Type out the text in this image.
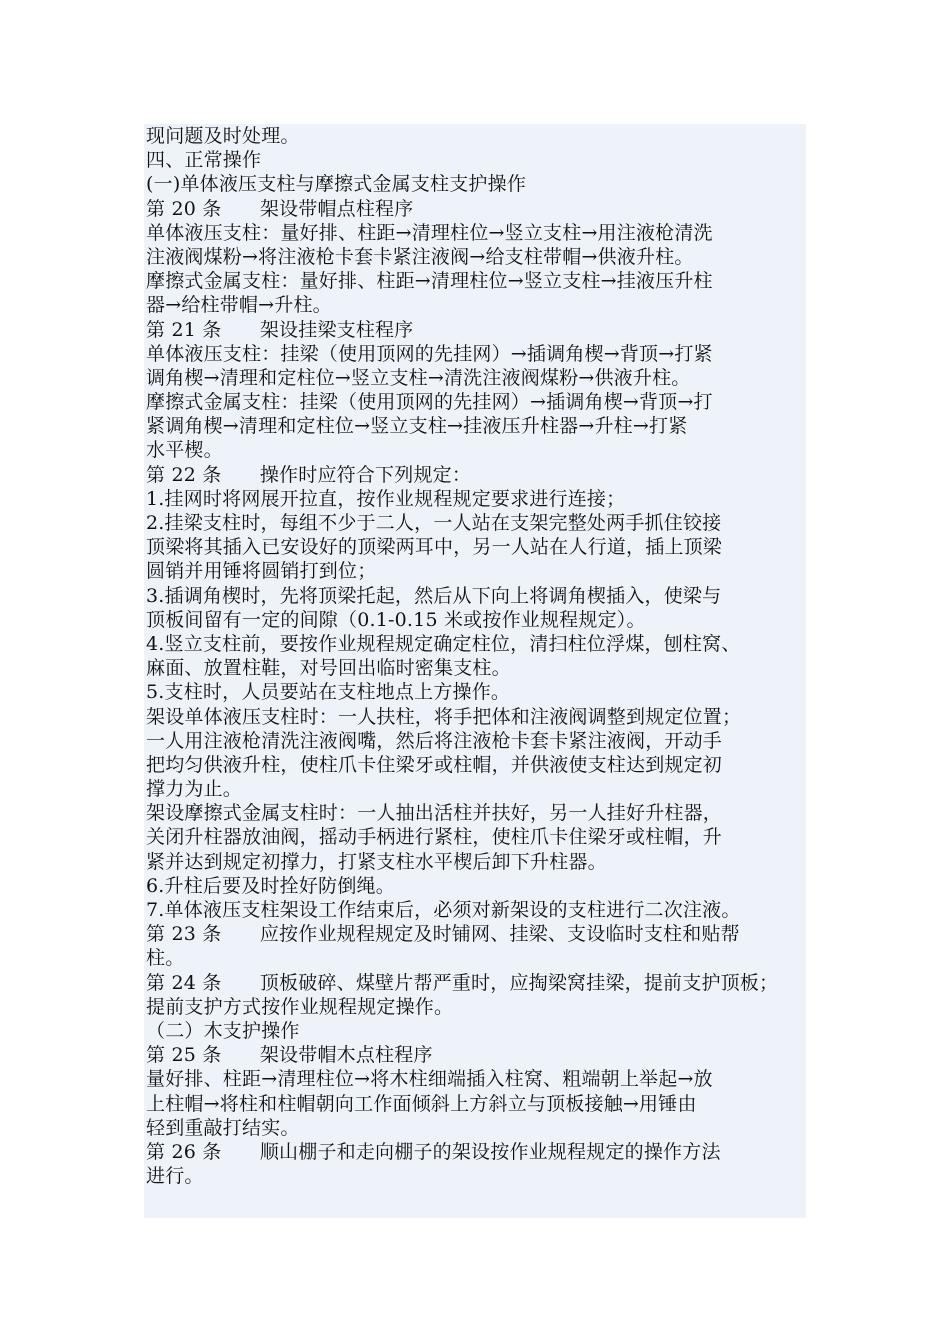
现问题及时处理。
四、正常操作
(一)单体液压支柱与摩擦式金属支柱支护操作
第 20 条　　架设带帽点柱程序
单体液压支柱：量好排、柱距→清理柱位→竖立支柱→用注液枪清洗
注液阀煤粉→将注液枪卡套卡紧注液阀→给支柱带帽→供液升柱。
摩擦式金属支柱：量好排、柱距→清理柱位→竖立支柱→挂液压升柱
器→给柱带帽→升柱。
第 21 条　　架设挂梁支柱程序
单体液压支柱：挂梁（使用顶网的先挂网）→插调角楔→背顶→打紧
调角楔→清理和定柱位→竖立支柱→清洗注液阀煤粉→供液升柱。
摩擦式金属支柱：挂梁（使用顶网的先挂网）→插调角楔→背顶→打
紧调角楔→清理和定柱位→竖立支柱→挂液压升柱器→升柱→打紧
水平楔。
第 22 条　　操作时应符合下列规定：
1.挂网时将网展开拉直，按作业规程规定要求进行连接；
2.挂梁支柱时，每组不少于二人，一人站在支架完整处两手抓住铰接
顶梁将其插入已安设好的顶梁两耳中，另一人站在人行道，插上顶梁
圆销并用锤将圆销打到位；
3.插调角楔时，先将顶梁托起，然后从下向上将调角楔插入，使梁与
顶板间留有一定的间隙（0.1-0.15 米或按作业规程规定）。
4.竖立支柱前，要按作业规程规定确定柱位，清扫柱位浮煤，刨柱窝、
麻面、放置柱鞋，对号回出临时密集支柱。
5.支柱时，人员要站在支柱地点上方操作。
架设单体液压支柱时：一人扶柱，将手把体和注液阀调整到规定位置；
一人用注液枪清洗注液阀嘴，然后将注液枪卡套卡紧注液阀，开动手
把均匀供液升柱，使柱爪卡住梁牙或柱帽，并供液使支柱达到规定初
撑力为止。
架设摩擦式金属支柱时：一人抽出活柱并扶好，另一人挂好升柱器，
关闭升柱器放油阀，摇动手柄进行紧柱，使柱爪卡住梁牙或柱帽，升
紧并达到规定初撑力，打紧支柱水平楔后卸下升柱器。
6.升柱后要及时拴好防倒绳。
7.单体液压支柱架设工作结束后，必须对新架设的支柱进行二次注液。
第 23 条　　应按作业规程规定及时铺网、挂梁、支设临时支柱和贴帮
柱。
第 24 条　　顶板破碎、煤壁片帮严重时，应掏梁窝挂梁，提前支护顶板；
提前支护方式按作业规程规定操作。
（二）木支护操作
第 25 条　　架设带帽木点柱程序
量好排、柱距→清理柱位→将木柱细端插入柱窝、粗端朝上举起→放
上柱帽→将柱和柱帽朝向工作面倾斜上方斜立与顶板接触→用锤由
轻到重敲打结实。
第 26 条　　顺山棚子和走向棚子的架设按作业规程规定的操作方法
进行。
